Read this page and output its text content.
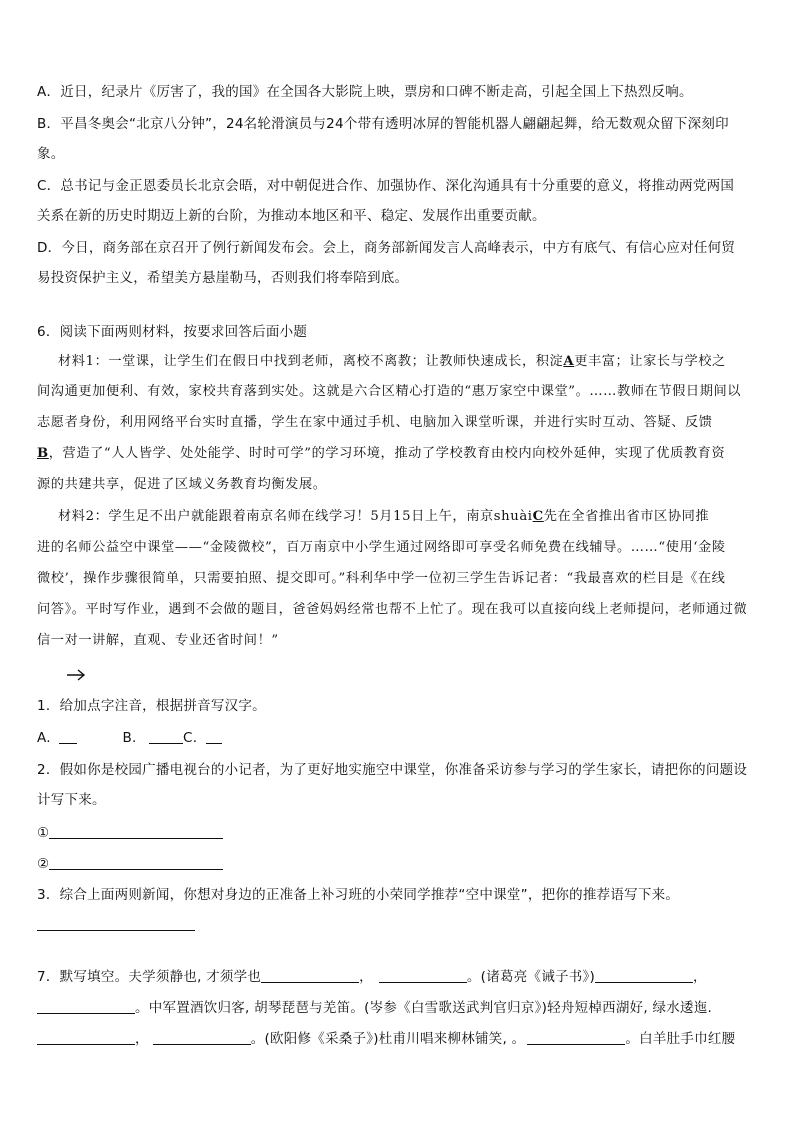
A．近日，纪录片《厉害了，我的国》在全国各大影院上映，票房和口碑不断走高，引起全国上下热烈反响。
B．平昌冬奥会“北京八分钟”，24名轮滑演员与24个带有透明冰屏的智能机器人翩翩起舞，给无数观众留下深刻印
象。
C．总书记与金正恩委员长北京会晤，对中朝促进合作、加强协作、深化沟通具有十分重要的意义，将推动两党两国
关系在新的历史时期迈上新的台阶，为推动本地区和平、稳定、发展作出重要贡献。
D．今日，商务部在京召开了例行新闻发布会。会上，商务部新闻发言人高峰表示，中方有底气、有信心应对任何贸
易投资保护主义，希望美方悬崖勒马，否则我们将奉陪到底。
6．阅读下面两则材料，按要求回答后面小题
材料1：一堂课，让学生们在假日中找到老师，离校不离教；让教师快速成长，积淀A更丰富；让家长与学校之
间沟通更加便利、有效，家校共育落到实处。这就是六合区精心打造的“惠万家空中课堂”。……教师在节假日期间以
志愿者身份，利用网络平台实时直播，学生在家中通过手机、电脑加入课堂听课，并进行实时互动、答疑、反馈
B，营造了“人人皆学、处处能学、时时可学”的学习环境，推动了学校教育由校内向校外延伸，实现了优质教育资
源的共建共享，促进了区域义务教育均衡发展。
材料2：学生足不出户就能跟着南京名师在线学习！5月15日上午，南京shuàiC先在全省推出省市区协同推
进的名师公益空中课堂——“金陵微校”，百万南京中小学生通过网络即可享受名师免费在线辅导。……“使用‘金陵
微校’，操作步骤很简单，只需要拍照、提交即可。”科利华中学一位初三学生告诉记者：“我最喜欢的栏目是《在线
问答》。平时写作业，遇到不会做的题目，爸爸妈妈经常也帮不上忙了。现在我可以直接向线上老师提问，老师通过微
信一对一讲解，直观、专业还省时间！”
1．给加点字注音，根据拼音写汉字。
A.	B.	C.
2．假如你是校园广播电视台的小记者，为了更好地实施空中课堂，你准备采访参与学习的学生家长，请把你的问题设
计写下来。
①
②
3．综合上面两则新闻，你想对身边的正准备上补习班的小荣同学推荐“空中课堂”，把你的推荐语写下来。
7．默写填空。夫学须静也, 才须学也	，	。(诸葛亮《诫子书》)	，
。中军置酒饮归客, 胡琴琵琶与羌笛。(岑参《白雪歌送武判官归京》)轻舟短棹西湖好, 绿水逶迤.
，	。(欧阳修《采桑子》)杜甫川唱来柳林铺笑, 。	。白羊肚手巾红腰
